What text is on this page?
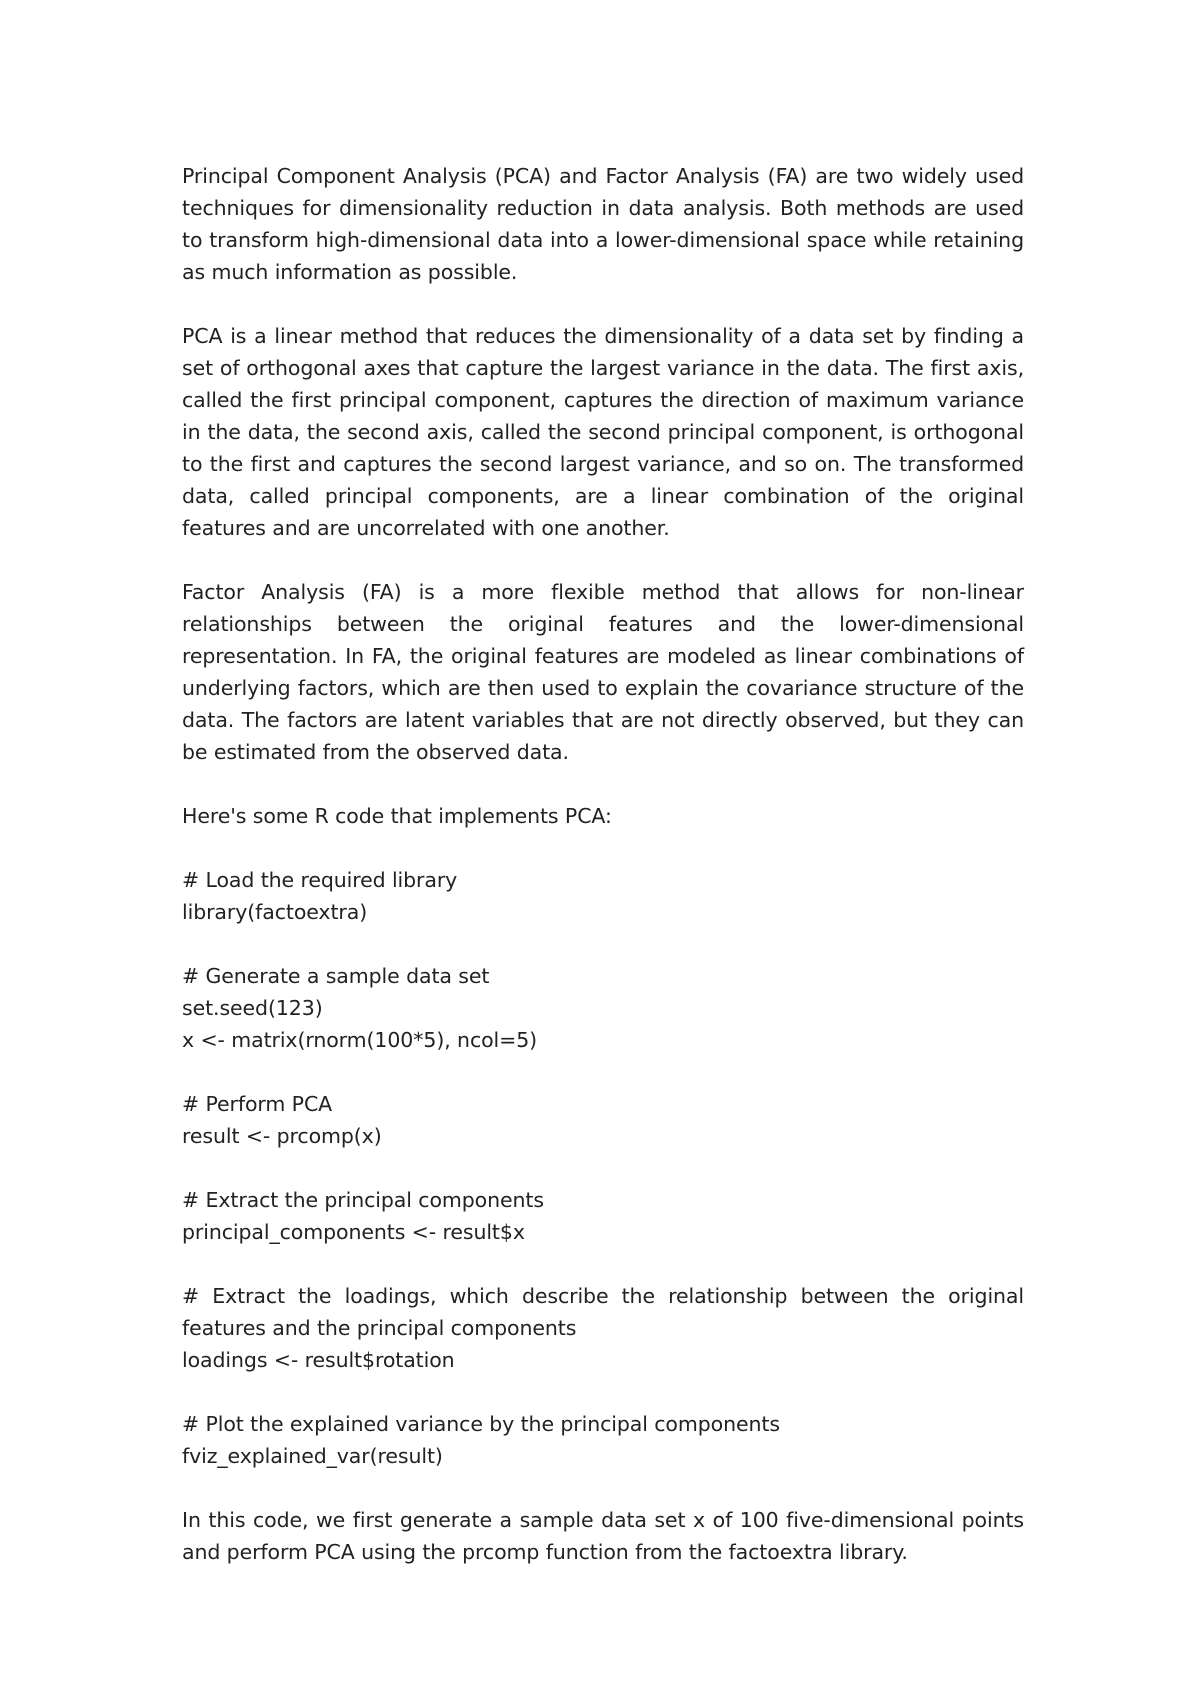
Principal Component Analysis (PCA) and Factor Analysis (FA) are two widely used techniques for dimensionality reduction in data analysis. Both methods are used to transform high-dimensional data into a lower-dimensional space while retaining as much information as possible.

PCA is a linear method that reduces the dimensionality of a data set by finding a set of orthogonal axes that capture the largest variance in the data. The first axis, called the first principal component, captures the direction of maximum variance in the data, the second axis, called the second principal component, is orthogonal to the first and captures the second largest variance, and so on. The transformed data, called principal components, are a linear combination of the original features and are uncorrelated with one another.

Factor Analysis (FA) is a more flexible method that allows for non-linear relationships between the original features and the lower-dimensional representation. In FA, the original features are modeled as linear combinations of underlying factors, which are then used to explain the covariance structure of the data. The factors are latent variables that are not directly observed, but they can be estimated from the observed data.

Here's some R code that implements PCA:

# Load the required library

library(factoextra)

# Generate a sample data set

set.seed(123)

x <- matrix(rnorm(100*5), ncol=5)

# Perform PCA

result <- prcomp(x)

# Extract the principal components

principal_components <- result$x

# Extract the loadings, which describe the relationship between the original features and the principal components

loadings <- result$rotation

# Plot the explained variance by the principal components

fviz_explained_var(result)

In this code, we first generate a sample data set x of 100 five-dimensional points and perform PCA using the prcomp function from the factoextra library.
